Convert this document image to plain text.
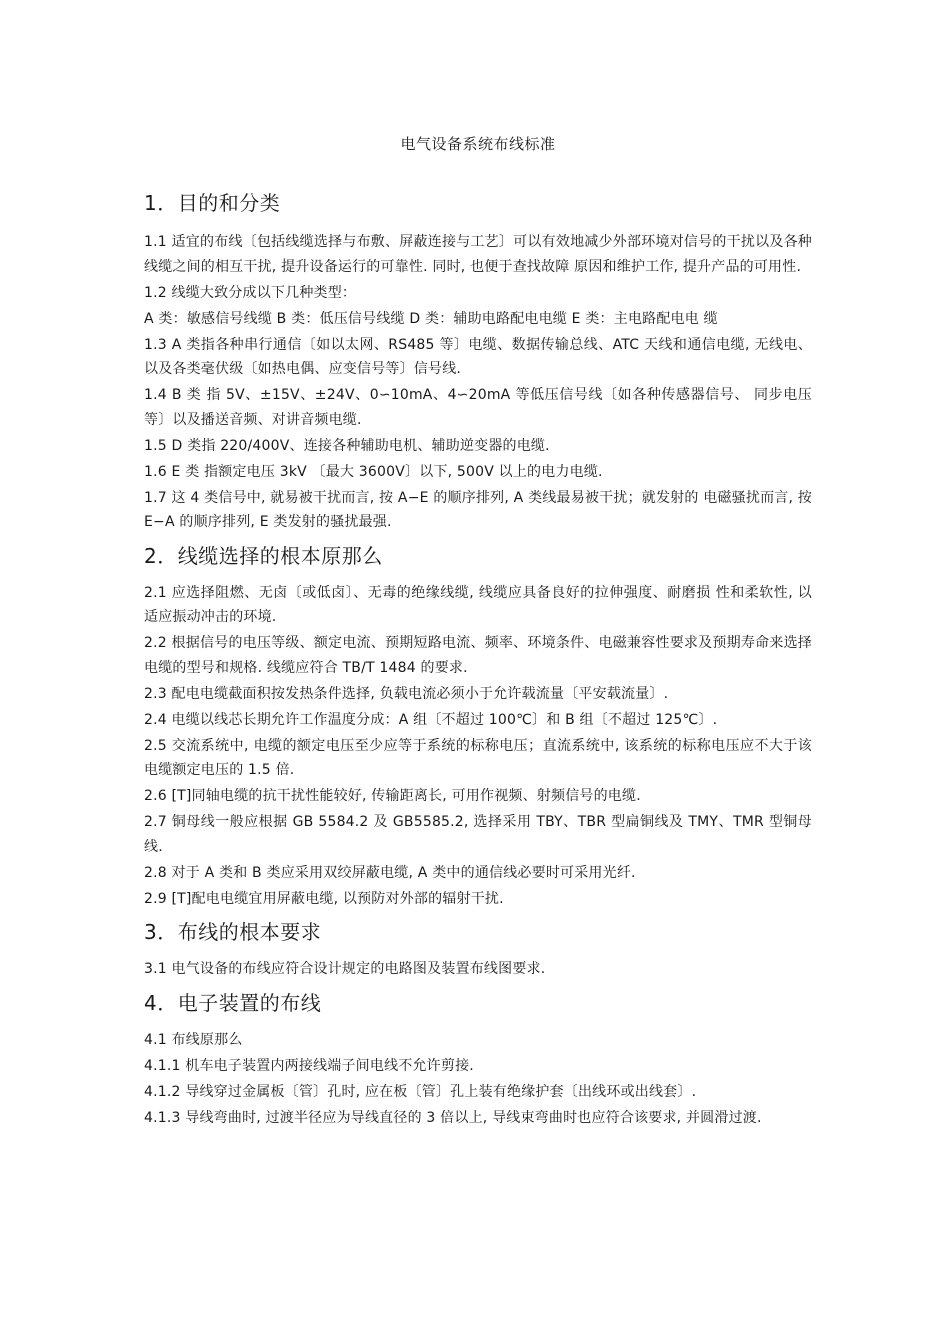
电气设备系统布线标准
1．目的和分类
1.1 适宜的布线〔包括线缆选择与布敷、屏蔽连接与工艺〕可以有效地减少外部环境对信号的干扰以及各种线缆之间的相互干扰, 提升设备运行的可靠性. 同时, 也便于查找故障 原因和维护工作, 提升产品的可用性.
1.2 线缆大致分成以下几种类型：
A 类：敏感信号线缆 B 类：低压信号线缆 D 类：辅助电路配电电缆 E 类：主电路配电电 缆
1.3 A 类指各种串行通信〔如以太网、RS485 等〕电缆、数据传输总线、ATC 天线和通信电缆, 无线电、以及各类毫伏级〔如热电偶、应变信号等〕信号线.
1.4 B 类 指 5V、±15V、±24V、0∽10mA、4∽20mA 等低压信号线〔如各种传感器信号、 同步电压等〕以及播送音频、对讲音频电缆.
1.5 D 类指 220/400V、连接各种辅助电机、辅助逆变器的电缆.
1.6 E 类 指额定电压 3kV 〔最大 3600V〕以下, 500V 以上的电力电缆.
1.7 这 4 类信号中, 就易被干扰而言, 按 A−E 的顺序排列, A 类线最易被干扰；就发射的 电磁骚扰而言, 按 E−A 的顺序排列, E 类发射的骚扰最强.
2．线缆选择的根本原那么
2.1 应选择阻燃、无卤〔或低卤〕、无毒的绝缘线缆, 线缆应具备良好的拉伸强度、耐磨损 性和柔软性, 以适应振动冲击的环境.
2.2 根据信号的电压等级、额定电流、预期短路电流、频率、环境条件、电磁兼容性要求及预期寿命来选择电缆的型号和规格. 线缆应符合 TB/T 1484 的要求.
2.3 配电电缆截面积按发热条件选择, 负载电流必须小于允许载流量〔平安载流量〕.
2.4 电缆以线芯长期允许工作温度分成：A 组〔不超过 100℃〕和 B 组〔不超过 125℃〕.
2.5 交流系统中, 电缆的额定电压至少应等于系统的标称电压；直流系统中, 该系统的标称电压应不大于该电缆额定电压的 1.5 倍.
2.6 [T]同轴电缆的抗干扰性能较好, 传输距离长, 可用作视频、射频信号的电缆.
2.7 铜母线一般应根据 GB 5584.2 及 GB5585.2, 选择采用 TBY、TBR 型扁铜线及 TMY、TMR 型铜母线.
2.8 对于 A 类和 B 类应采用双绞屏蔽电缆, A 类中的通信线必要时可采用光纤.
2.9 [T]配电电缆宜用屏蔽电缆, 以预防对外部的辐射干扰.
3．布线的根本要求
3.1 电气设备的布线应符合设计规定的电路图及装置布线图要求.
4．电子装置的布线
4.1 布线原那么
4.1.1 机车电子装置内两接线端子间电线不允许剪接.
4.1.2 导线穿过金属板〔管〕孔时, 应在板〔管〕孔上装有绝缘护套〔出线环或出线套〕.
4.1.3 导线弯曲时, 过渡半径应为导线直径的 3 倍以上, 导线束弯曲时也应符合该要求, 并圆滑过渡.
